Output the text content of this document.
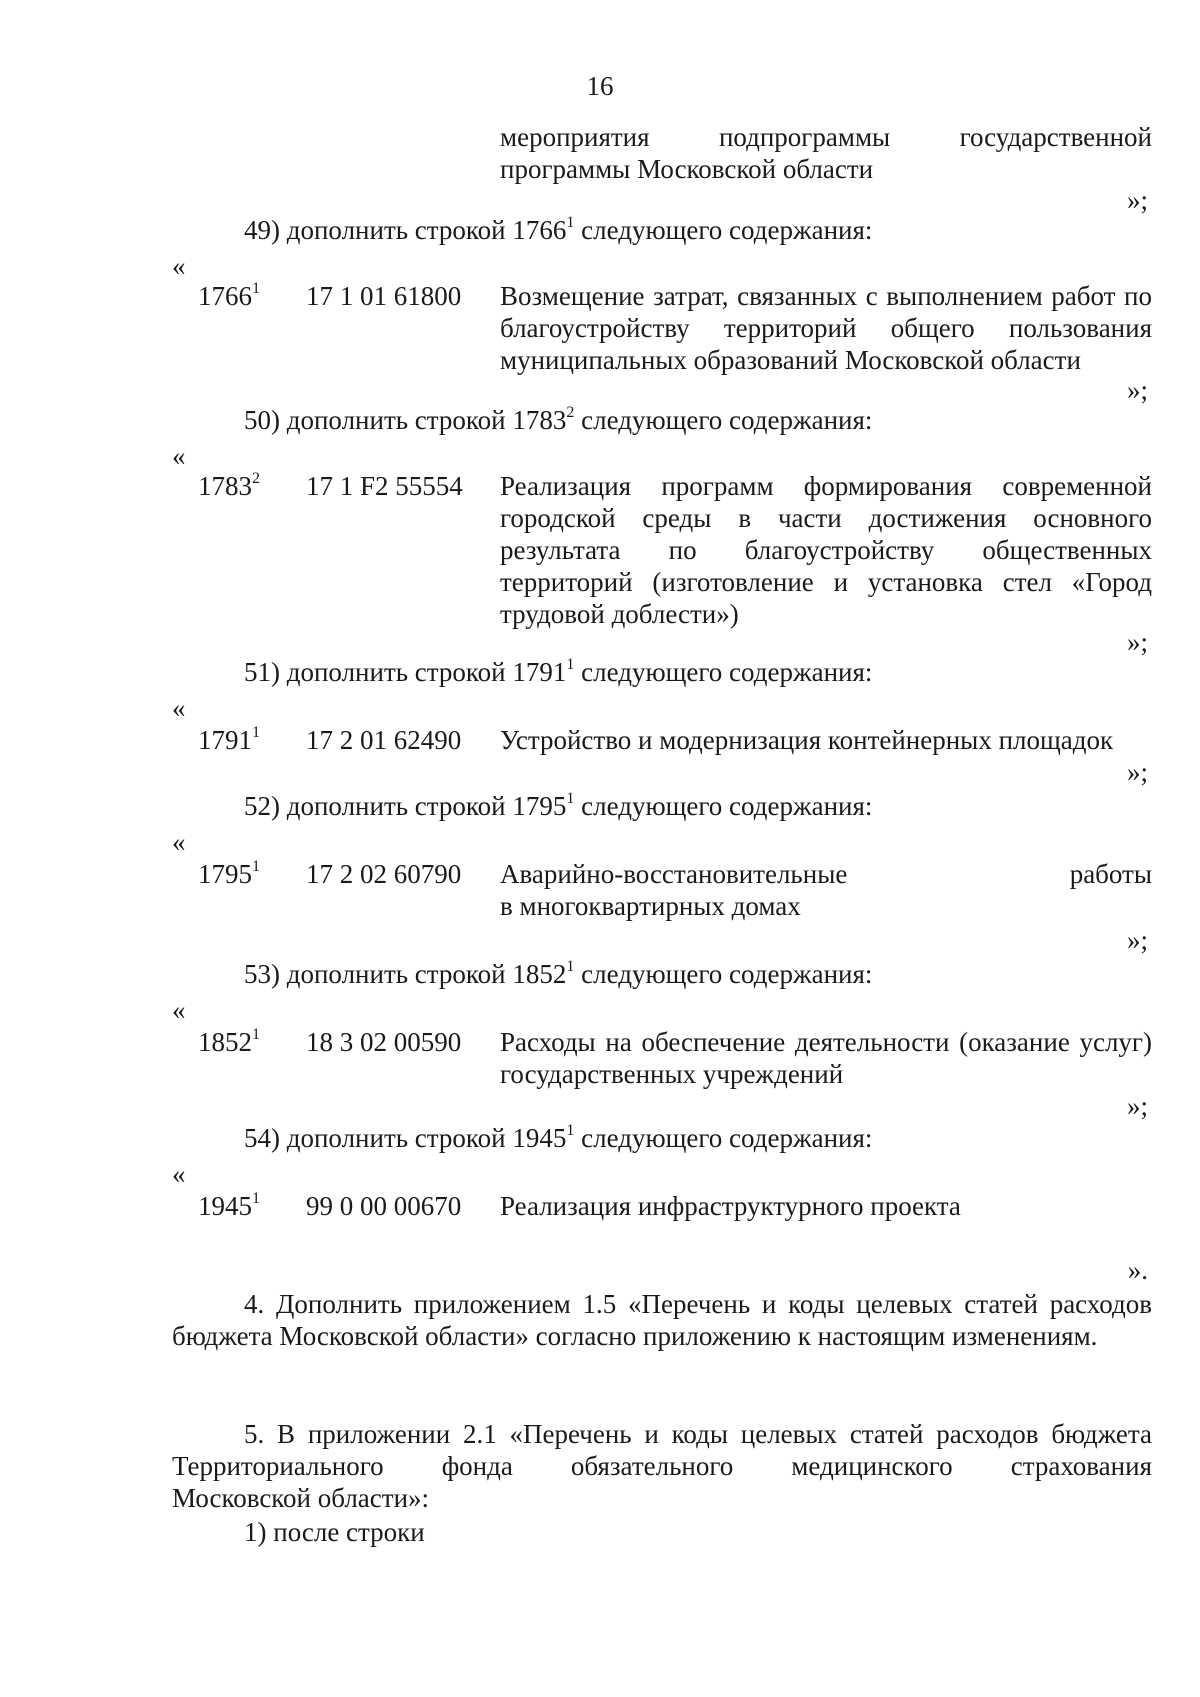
16
мероприятия подпрограммы государственной
программы Московской области
»;
49) дополнить строкой 1766$^1$ следующего содержания:
«
1766$^1$ 17 1 01 61800 Возмещение затрат, связанных с выполнением работ по благоустройству территорий общего пользования муниципальных образований Московской области
»;
50) дополнить строкой 1783$^2$ следующего содержания:
«
1783$^2$ 17 1 F2 55554 Реализация программ формирования современной городской среды в части достижения основного результата по благоустройству общественных территорий (изготовление и установка стел «Город трудовой доблести»)
»;
51) дополнить строкой 1791$^1$ следующего содержания:
«
1791$^1$ 17 2 01 62490 Устройство и модернизация контейнерных площадок
»;
52) дополнить строкой 1795$^1$ следующего содержания:
«
1795$^1$ 17 2 02 60790 Аварийно-восстановительные	работы
в многоквартирных домах
»;
53) дополнить строкой 1852$^1$ следующего содержания:
«
1852$^1$ 18 3 02 00590 Расходы на обеспечение деятельности (оказание услуг) государственных учреждений
»;
54) дополнить строкой 1945$^1$ следующего содержания:
«
1945$^1$ 99 0 00 00670 Реализация инфраструктурного проекта
».
4. Дополнить приложением 1.5 «Перечень и коды целевых статей расходов бюджета Московской области» согласно приложению к настоящим изменениям.
5. В приложении 2.1 «Перечень и коды целевых статей расходов бюджета
Территориального фонда обязательного медицинского страхования
Московской области»:
1) после строки
